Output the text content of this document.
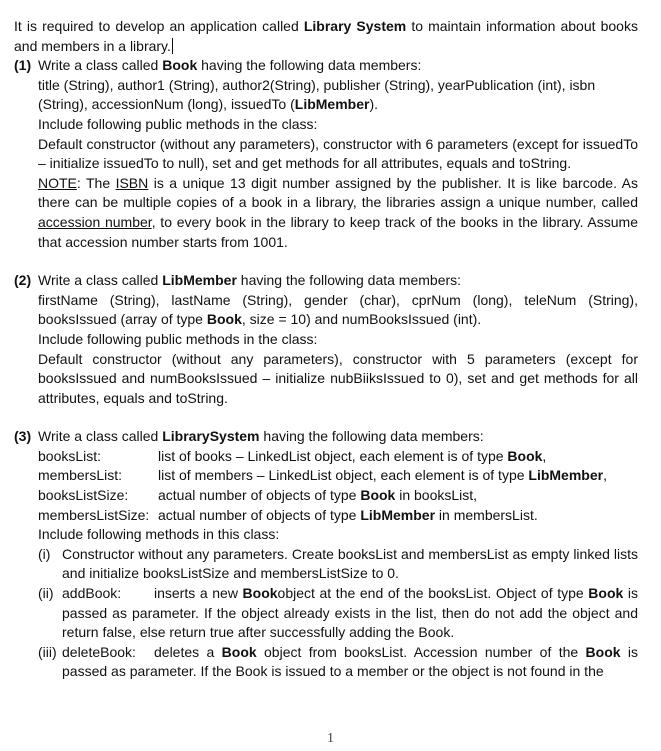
It is required to develop an application called Library System to maintain information about books and members in a library.

(1) Write a class called Book having the following data members:

title (String), author1 (String), author2(String), publisher (String), yearPublication (int), isbn (String), accessionNum (long), issuedTo (LibMember).

Include following public methods in the class:

Default constructor (without any parameters), constructor with 6 parameters (except for issuedTo – initialize issuedTo to null), set and get methods for all attributes, equals and toString.

NOTE: The ISBN is a unique 13 digit number assigned by the publisher. It is like barcode. As there can be multiple copies of a book in a library, the libraries assign a unique number, called accession number, to every book in the library to keep track of the books in the library. Assume that accession number starts from 1001.

(2) Write a class called LibMember having the following data members:

firstName (String), lastName (String), gender (char), cprNum (long), teleNum (String), booksIssued (array of type Book, size = 10) and numBooksIssued (int).

Include following public methods in the class:

Default constructor (without any parameters), constructor with 5 parameters (except for booksIssued and numBooksIssued – initialize nubBiiksIssued to 0), set and get methods for all attributes, equals and toString.

(3) Write a class called LibrarySystem having the following data members:

booksList:	list of books – LinkedList object, each element is of type Book,
membersList:	list of members – LinkedList object, each element is of type LibMember,
booksListSize:	actual number of objects of type Book in booksList,
membersListSize: actual number of objects of type LibMember in membersList.

Include following methods in this class:

(i) Constructor without any parameters. Create booksList and membersList as empty linked lists and initialize booksListSize and membersListSize to 0.
(ii) addBook: inserts a new Bookobject at the end of the booksList. Object of type Book is passed as parameter. If the object already exists in the list, then do not add the object and return false, else return true after successfully adding the Book.
(iii) deleteBook: deletes a Book object from booksList. Accession number of the Book is passed as parameter. If the Book is issued to a member or the object is not found in the
1
